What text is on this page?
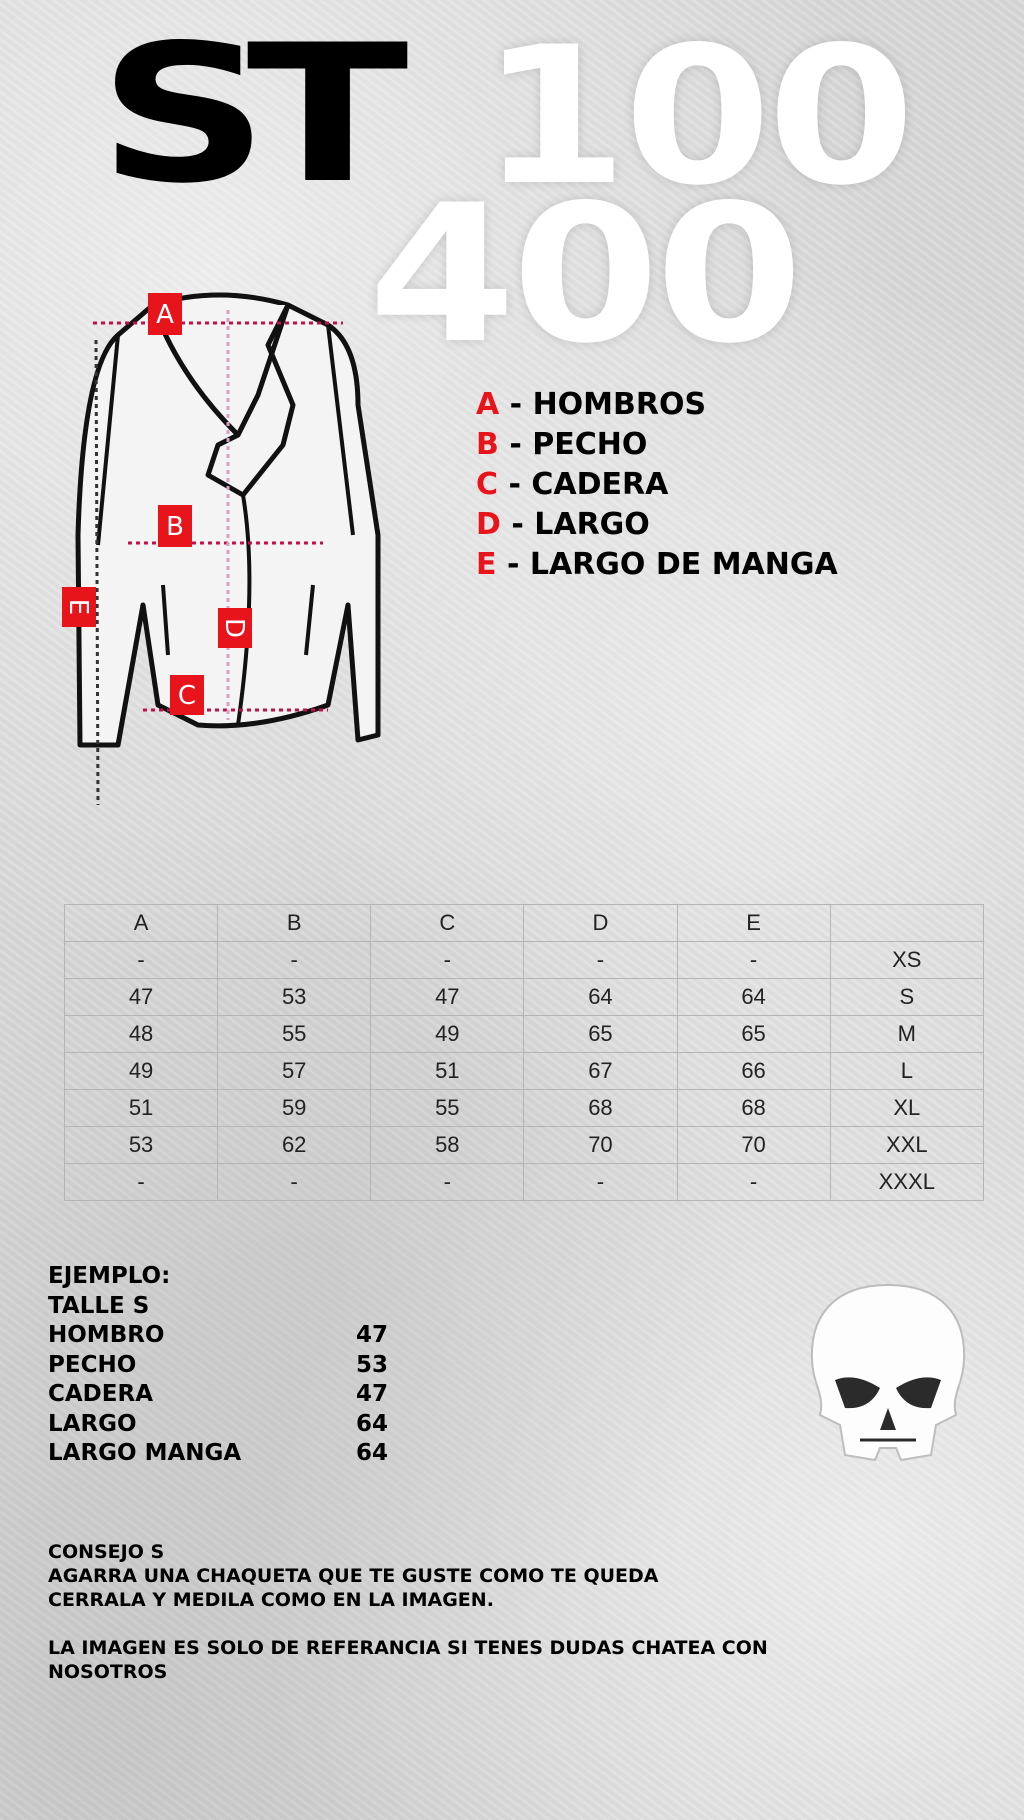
ST 100
400
A
B
C
D
E
A - HOMBROS
B - PECHO
C - CADERA
D - LARGO
E - LARGO DE MANGA
A	B	C	D	E	
-	-	-	-	-	XS
47	53	47	64	64	S
48	55	49	65	65	M
49	57	51	67	66	L
51	59	55	68	68	XL
53	62	58	70	70	XXL
-	-	-	-	-	XXXL
EJEMPLO:
TALLE S
HOMBRO	47
PECHO	53
CADERA	47
LARGO	64
LARGO MANGA	64
CONSEJO S
AGARRA UNA CHAQUETA QUE TE GUSTE COMO TE QUEDA
CERRALA Y MEDILA COMO EN LA IMAGEN.
LA IMAGEN ES SOLO DE REFERANCIA SI TENES DUDAS CHATEA CON
NOSOTROS
